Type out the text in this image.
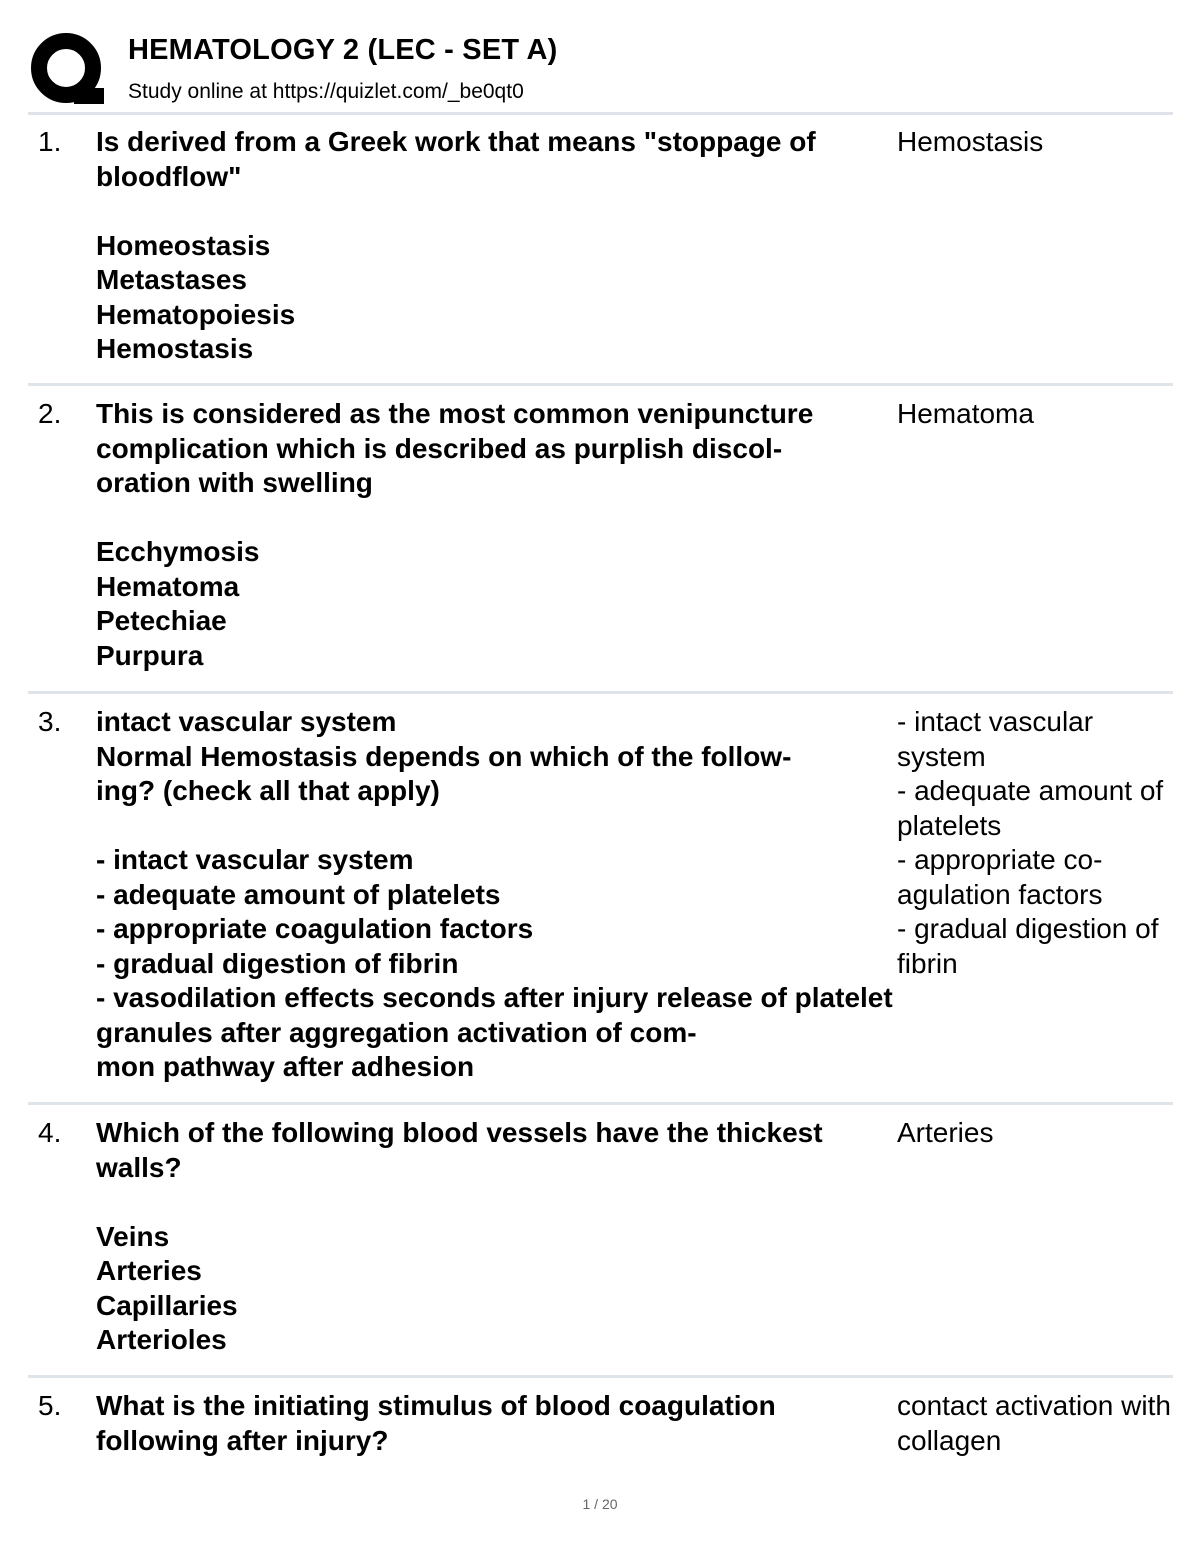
HEMATOLOGY 2 (LEC - SET A)
Study online at https://quizlet.com/_be0qt0
1. Is derived from a Greek work that means "stoppage of bloodflow"

Homeostasis
Metastases
Hematopoiesis
Hemostasis
Hemostasis
2. This is considered as the most common venipuncture complication which is described as purplish discol-
oration with swelling

Ecchymosis
Hematoma
Petechiae
Purpura
Hematoma
3. intact vascular system
Normal Hemostasis depends on which of the follow-
ing? (check all that apply)

- intact vascular system
- adequate amount of platelets
- appropriate coagulation factors
- gradual digestion of fibrin
- vasodilation effects seconds after injury release of platelet granules after aggregation activation of com-
mon pathway after adhesion
- intact vascular system
- adequate amount of platelets
- appropriate co-
agulation factors
- gradual digestion of fibrin
4. Which of the following blood vessels have the thickest walls?

Veins
Arteries
Capillaries
Arterioles
Arteries
5. What is the initiating stimulus of blood coagulation following after injury?
contact activation with collagen
1 / 20
